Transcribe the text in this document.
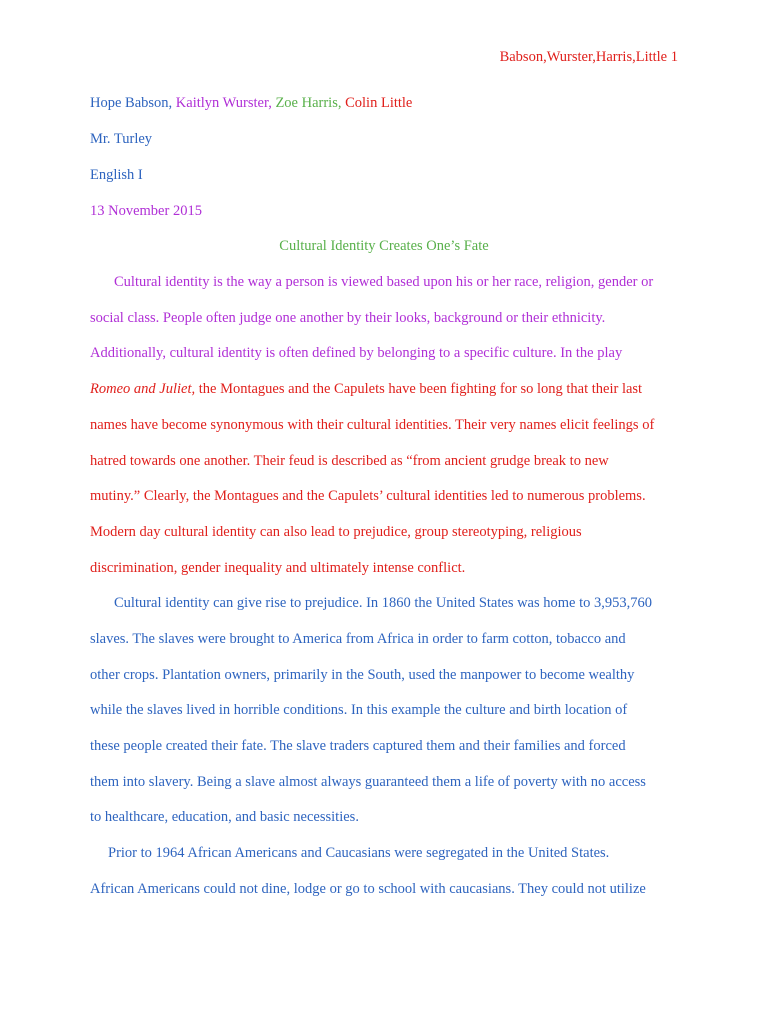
Babson,Wurster,Harris,Little 1
Hope Babson, Kaitlyn Wurster, Zoe Harris, Colin Little
Mr. Turley
English I
13 November 2015
Cultural Identity Creates One’s Fate
Cultural identity is the way a person is viewed based upon his or her race, religion, gender or
social class. People often judge one another by their looks, background or their ethnicity.
Additionally, cultural identity is often defined by belonging to a specific culture. In the play
Romeo and Juliet, the Montagues and the Capulets have been fighting for so long that their last
names have become synonymous with their cultural identities. Their very names elicit feelings of
hatred towards one another. Their feud is described as “from ancient grudge break to new
mutiny.” Clearly, the Montagues and the Capulets’ cultural identities led to numerous problems.
Modern day cultural identity can also lead to prejudice, group stereotyping, religious
discrimination, gender inequality and ultimately intense conflict.
Cultural identity can give rise to prejudice. In 1860 the United States was home to 3,953,760
slaves. The slaves were brought to America from Africa in order to farm cotton, tobacco and
other crops. Plantation owners, primarily in the South, used the manpower to become wealthy
while the slaves lived in horrible conditions. In this example the culture and birth location of
these people created their fate. The slave traders captured them and their families and forced
them into slavery. Being a slave almost always guaranteed them a life of poverty with no access
to healthcare, education, and basic necessities.
Prior to 1964 African Americans and Caucasians were segregated in the United States.
African Americans could not dine, lodge or go to school with caucasians. They could not utilize
